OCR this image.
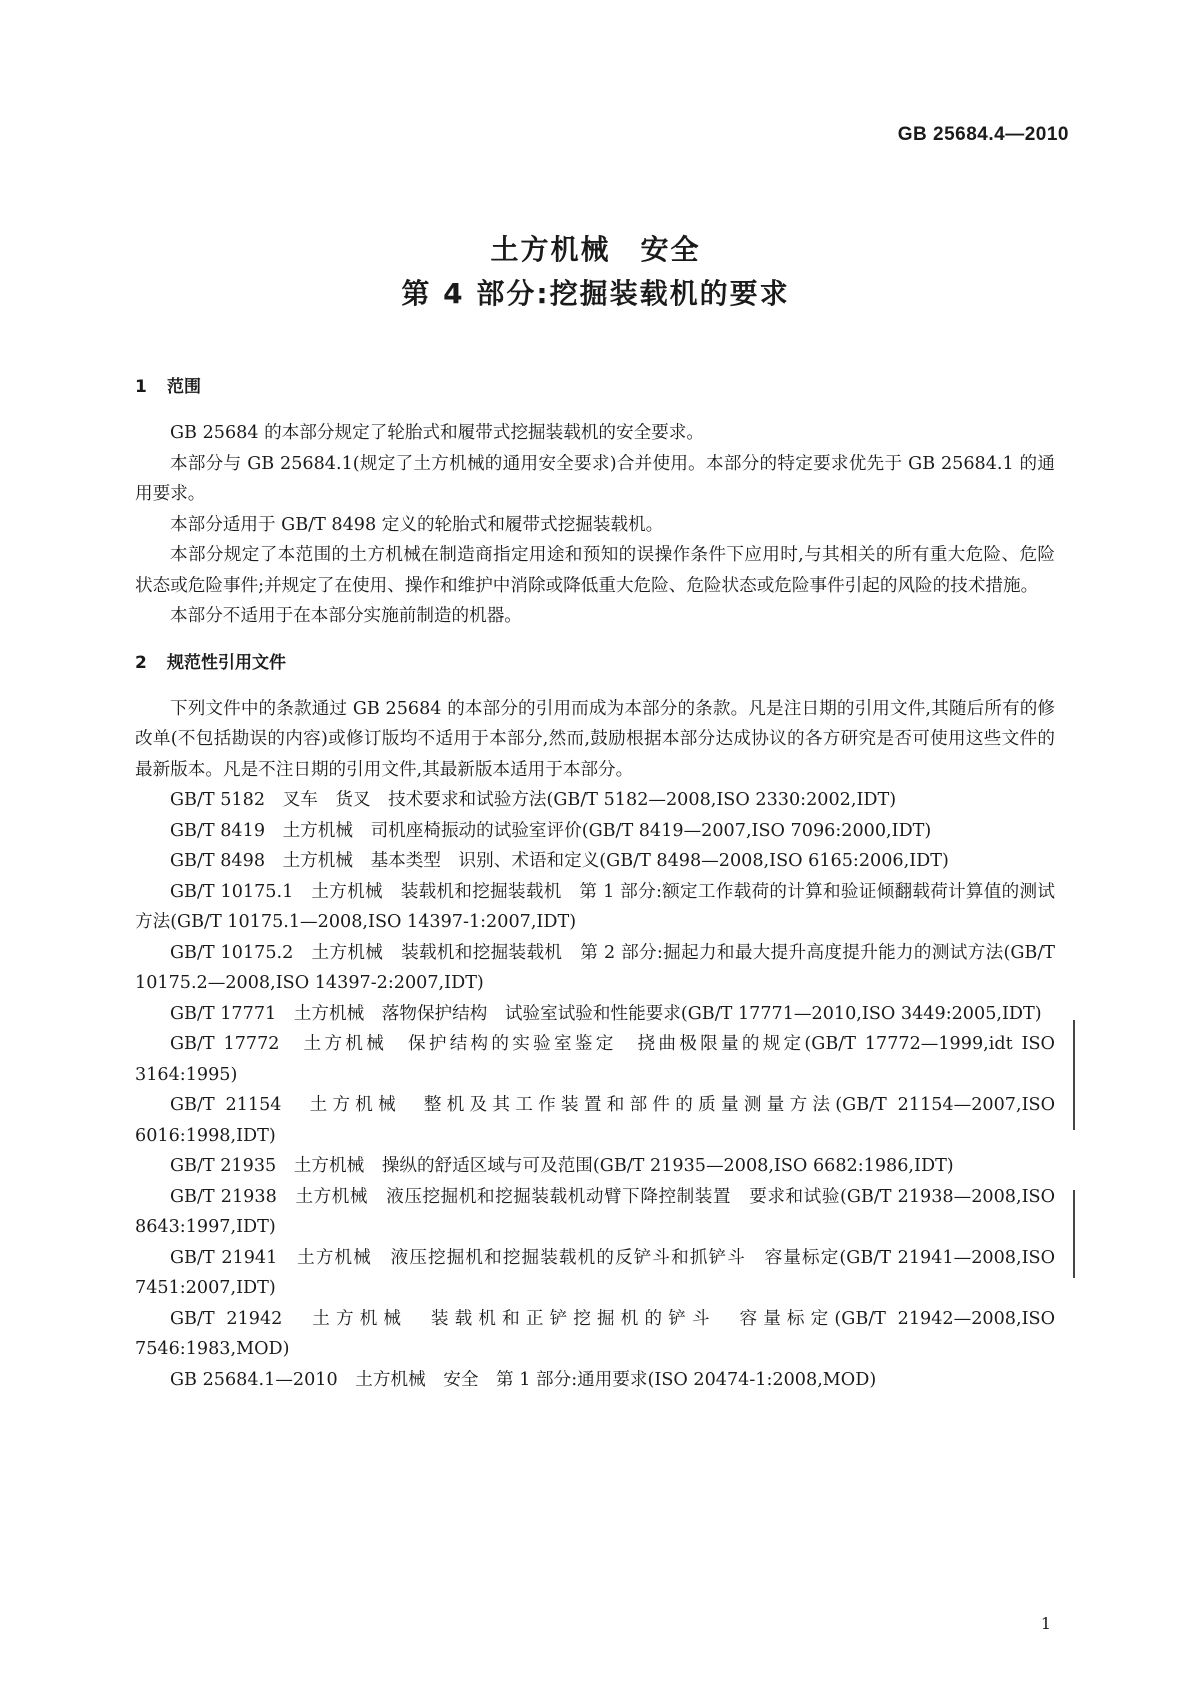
GB 25684.4—2010
土方机械　安全
第 4 部分:挖掘装载机的要求
1 范围
GB 25684 的本部分规定了轮胎式和履带式挖掘装载机的安全要求。
本部分与 GB 25684.1(规定了土方机械的通用安全要求)合并使用。本部分的特定要求优先于 GB 25684.1 的通用要求。
本部分适用于 GB/T 8498 定义的轮胎式和履带式挖掘装载机。
本部分规定了本范围的土方机械在制造商指定用途和预知的误操作条件下应用时,与其相关的所有重大危险、危险状态或危险事件;并规定了在使用、操作和维护中消除或降低重大危险、危险状态或危险事件引起的风险的技术措施。
本部分不适用于在本部分实施前制造的机器。
2 规范性引用文件
下列文件中的条款通过 GB 25684 的本部分的引用而成为本部分的条款。凡是注日期的引用文件,其随后所有的修改单(不包括勘误的内容)或修订版均不适用于本部分,然而,鼓励根据本部分达成协议的各方研究是否可使用这些文件的最新版本。凡是不注日期的引用文件,其最新版本适用于本部分。
GB/T 5182　叉车　货叉　技术要求和试验方法(GB/T 5182—2008,ISO 2330:2002,IDT)
GB/T 8419　土方机械　司机座椅振动的试验室评价(GB/T 8419—2007,ISO 7096:2000,IDT)
GB/T 8498　土方机械　基本类型　识别、术语和定义(GB/T 8498—2008,ISO 6165:2006,IDT)
GB/T 10175.1　土方机械　装载机和挖掘装载机　第 1 部分:额定工作载荷的计算和验证倾翻载荷计算值的测试方法(GB/T 10175.1—2008,ISO 14397-1:2007,IDT)
GB/T 10175.2　土方机械　装载机和挖掘装载机　第 2 部分:掘起力和最大提升高度提升能力的测试方法(GB/T 10175.2—2008,ISO 14397-2:2007,IDT)
GB/T 17771　土方机械　落物保护结构　试验室试验和性能要求(GB/T 17771—2010,ISO 3449:2005,IDT)
GB/T 17772　土方机械　保护结构的实验室鉴定　挠曲极限量的规定(GB/T 17772—1999,idt ISO 3164:1995)
GB/T 21154　土方机械　整机及其工作装置和部件的质量测量方法(GB/T 21154—2007,ISO 6016:1998,IDT)
GB/T 21935　土方机械　操纵的舒适区域与可及范围(GB/T 21935—2008,ISO 6682:1986,IDT)
GB/T 21938　土方机械　液压挖掘机和挖掘装载机动臂下降控制装置　要求和试验(GB/T 21938—2008,ISO 8643:1997,IDT)
GB/T 21941　土方机械　液压挖掘机和挖掘装载机的反铲斗和抓铲斗　容量标定(GB/T 21941—2008,ISO 7451:2007,IDT)
GB/T 21942　土方机械　装载机和正铲挖掘机的铲斗　容量标定(GB/T 21942—2008,ISO 7546:1983,MOD)
GB 25684.1—2010　土方机械　安全　第 1 部分:通用要求(ISO 20474-1:2008,MOD)
1
